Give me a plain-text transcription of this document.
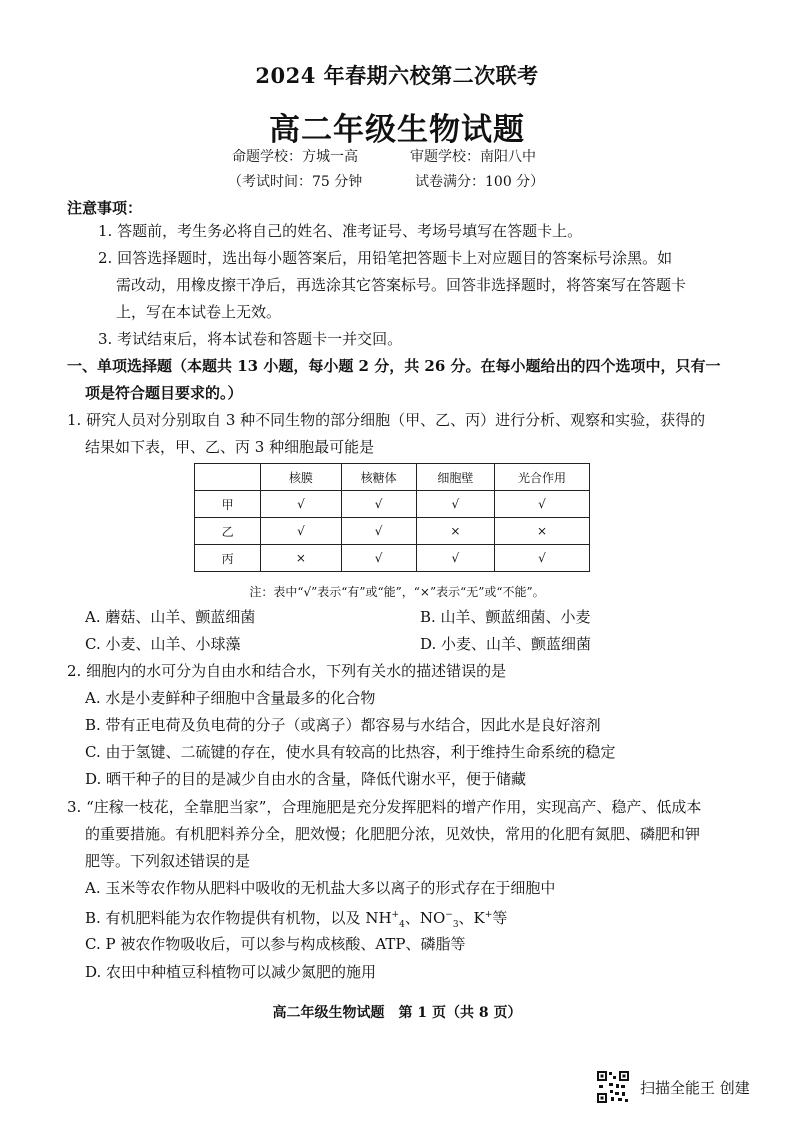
2024 年春期六校第二次联考
高二年级生物试题
命题学校：方城一高	审题学校：南阳八中
（考试时间：75 分钟	试卷满分：100 分）
注意事项：
1. 答题前，考生务必将自己的姓名、准考证号、考场号填写在答题卡上。
2. 回答选择题时，选出每小题答案后，用铅笔把答题卡上对应题目的答案标号涂黑。如
需改动，用橡皮擦干净后，再选涂其它答案标号。回答非选择题时，将答案写在答题卡
上，写在本试卷上无效。
3. 考试结束后，将本试卷和答题卡一并交回。
一、单项选择题（本题共 13 小题，每小题 2 分，共 26 分。在每小题给出的四个选项中，只有一
项是符合题目要求的。）
1. 研究人员对分别取自 3 种不同生物的部分细胞（甲、乙、丙）进行分析、观察和实验，获得的
结果如下表，甲、乙、丙 3 种细胞最可能是
	核膜	核糖体	细胞壁	光合作用
甲	√	√	√	√
乙	√	√	×	×
丙	×	√	√	√
注：表中“√”表示“有”或“能”，“×”表示“无”或“不能”。
A. 蘑菇、山羊、颤蓝细菌	B. 山羊、颤蓝细菌、小麦
C. 小麦、山羊、小球藻	D. 小麦、山羊、颤蓝细菌
2. 细胞内的水可分为自由水和结合水，下列有关水的描述错误的是
A. 水是小麦鲜种子细胞中含量最多的化合物
B. 带有正电荷及负电荷的分子（或离子）都容易与水结合，因此水是良好溶剂
C. 由于氢键、二硫键的存在，使水具有较高的比热容，利于维持生命系统的稳定
D. 晒干种子的目的是减少自由水的含量，降低代谢水平，便于储藏
3. “庄稼一枝花，全靠肥当家”，合理施肥是充分发挥肥料的增产作用，实现高产、稳产、低成本
的重要措施。有机肥料养分全，肥效慢；化肥肥分浓，见效快，常用的化肥有氮肥、磷肥和钾
肥等。下列叙述错误的是
A. 玉米等农作物从肥料中吸收的无机盐大多以离子的形式存在于细胞中
B. 有机肥料能为农作物提供有机物，以及 $NH^+_4$、$NO^-_3$、K+等
C. P 被农作物吸收后，可以参与构成核酸、ATP、磷脂等
D. 农田中种植豆科植物可以减少氮肥的施用
高二年级生物试题　第 1 页（共 8 页）
扫描全能王 创建
